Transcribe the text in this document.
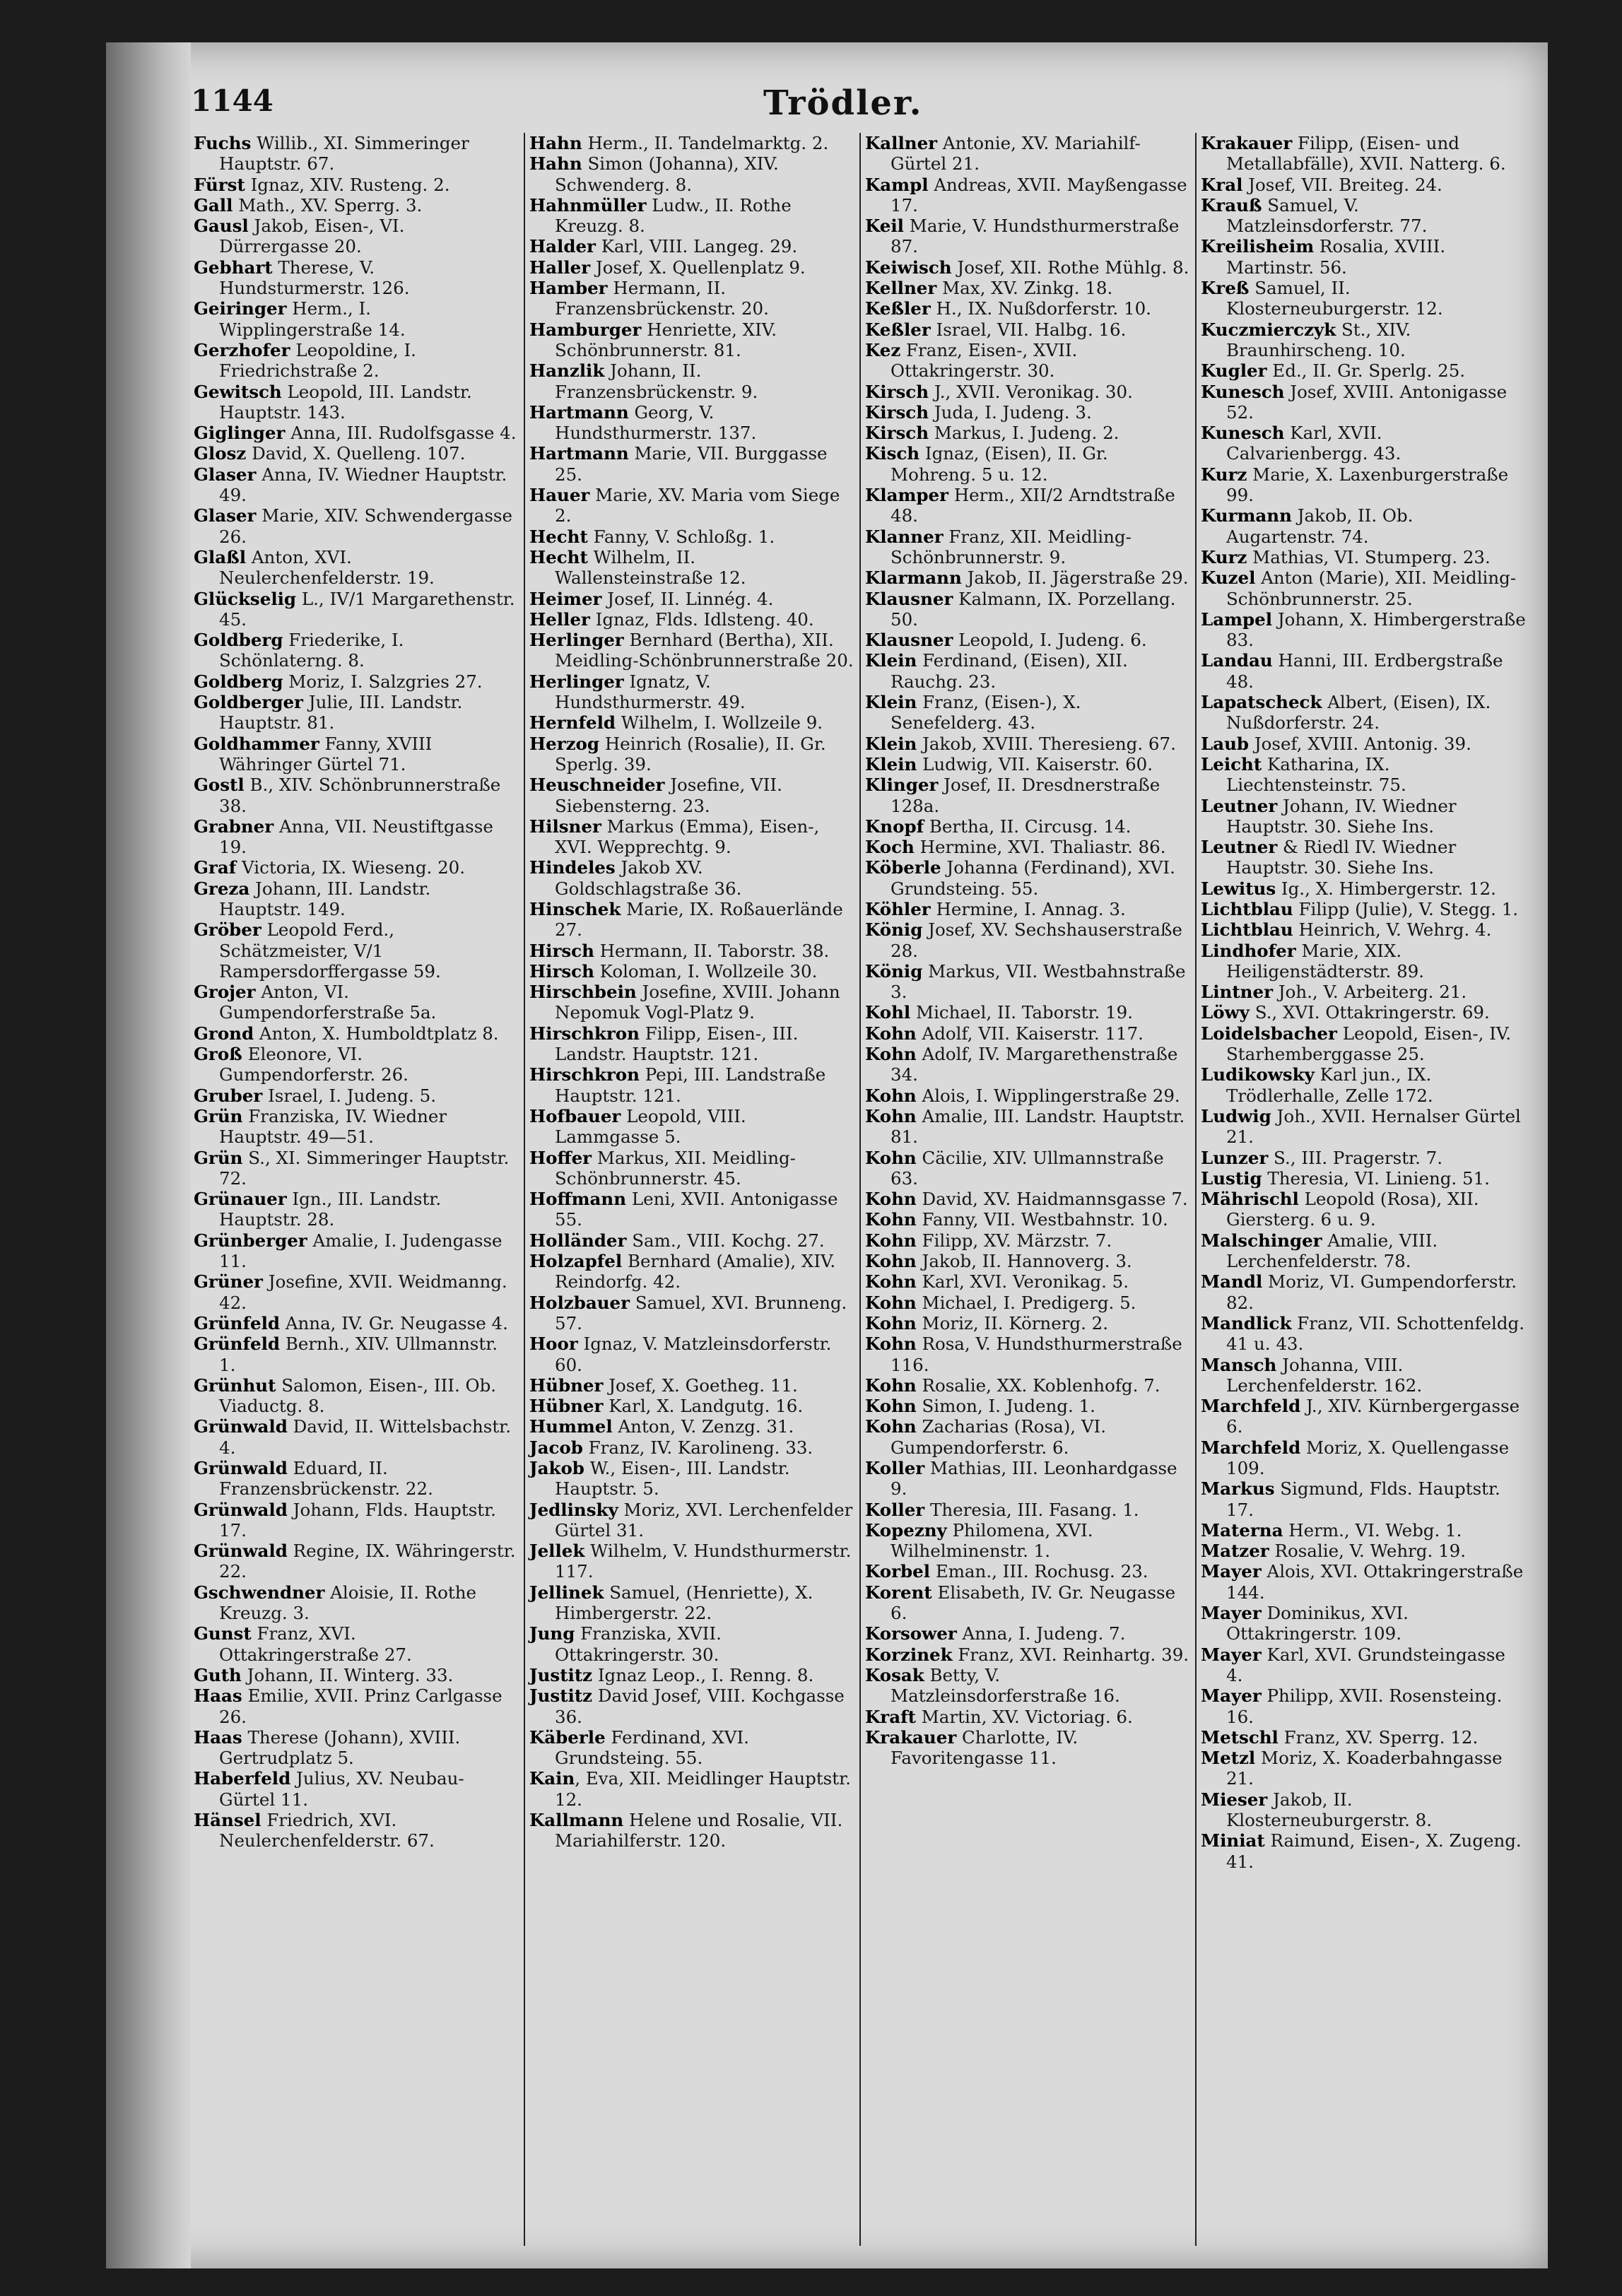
1144	Trödler.
Fuchs Willib., XI. Simmeringer Hauptstr. 67.
Fürst Ignaz, XIV. Rusteng. 2.
Gall Math., XV. Sperrg. 3.
Gausl Jakob, Eisen-, VI. Dürrergasse 20.
Gebhart Therese, V. Hundsturmerstr. 126.
Geiringer Herm., I. Wipplingerstraße 14.
Gerzhofer Leopoldine, I. Friedrichstraße 2.
Gewitsch Leopold, III. Landstr. Hauptstr. 143.
Giglinger Anna, III. Rudolfsgasse 4.
Glosz David, X. Quelleng. 107.
Glaser Anna, IV. Wiedner Hauptstr. 49.
Glaser Marie, XIV. Schwendergasse 26.
Glaßl Anton, XVI. Neulerchenfelderstr. 19.
Glückselig L., IV/1 Margarethenstr. 45.
Goldberg Friederike, I. Schönlaterng. 8.
Goldberg Moriz, I. Salzgries 27.
Goldberger Julie, III. Landstr. Hauptstr. 81.
Goldhammer Fanny, XVIII Währinger Gürtel 71.
Gostl B., XIV. Schönbrunnerstraße 38.
Grabner Anna, VII. Neustiftgasse 19.
Graf Victoria, IX. Wieseng. 20.
Greza Johann, III. Landstr. Hauptstr. 149.
Gröber Leopold Ferd., Schätzmeister, V/1 Rampersdorffergasse 59.
Grojer Anton, VI. Gumpendorferstraße 5a.
Grond Anton, X. Humboldtplatz 8.
Groß Eleonore, VI. Gumpendorferstr. 26.
Gruber Israel, I. Judeng. 5.
Grün Franziska, IV. Wiedner Hauptstr. 49—51.
Grün S., XI. Simmeringer Hauptstr. 72.
Grünauer Ign., III. Landstr. Hauptstr. 28.
Grünberger Amalie, I. Judengasse 11.
Grüner Josefine, XVII. Weidmanng. 42.
Grünfeld Anna, IV. Gr. Neugasse 4.
Grünfeld Bernh., XIV. Ullmannstr. 1.
Grünhut Salomon, Eisen-, III. Ob. Viaductg. 8.
Grünwald David, II. Wittelsbachstr. 4.
Grünwald Eduard, II. Franzensbrückenstr. 22.
Grünwald Johann, Flds. Hauptstr. 17.
Grünwald Regine, IX. Währingerstr. 22.
Gschwendner Aloisie, II. Rothe Kreuzg. 3.
Gunst Franz, XVI. Ottakringerstraße 27.
Guth Johann, II. Winterg. 33.
Haas Emilie, XVII. Prinz Carlgasse 26.
Haas Therese (Johann), XVIII. Gertrudplatz 5.
Haberfeld Julius, XV. Neubau-Gürtel 11.
Hänsel Friedrich, XVI. Neulerchenfelderstr. 67.
Hahn Herm., II. Tandelmarktg. 2.
Hahn Simon (Johanna), XIV. Schwenderg. 8.
Hahnmüller Ludw., II. Rothe Kreuzg. 8.
Halder Karl, VIII. Langeg. 29.
Haller Josef, X. Quellenplatz 9.
Hamber Hermann, II. Franzensbrückenstr. 20.
Hamburger Henriette, XIV. Schönbrunnerstr. 81.
Hanzlik Johann, II. Franzensbrückenstr. 9.
Hartmann Georg, V. Hundsthurmerstr. 137.
Hartmann Marie, VII. Burggasse 25.
Hauer Marie, XV. Maria vom Siege 2.
Hecht Fanny, V. Schloßg. 1.
Hecht Wilhelm, II. Wallensteinstraße 12.
Heimer Josef, II. Linnég. 4.
Heller Ignaz, Flds. Idlsteng. 40.
Herlinger Bernhard (Bertha), XII. Meidling-Schönbrunnerstraße 20.
Herlinger Ignatz, V. Hundsthurmerstr. 49.
Hernfeld Wilhelm, I. Wollzeile 9.
Herzog Heinrich (Rosalie), II. Gr. Sperlg. 39.
Heuschneider Josefine, VII. Siebensterng. 23.
Hilsner Markus (Emma), Eisen-, XVI. Wepprechtg. 9.
Hindeles Jakob XV. Goldschlagstraße 36.
Hinschek Marie, IX. Roßauerlände 27.
Hirsch Hermann, II. Taborstr. 38.
Hirsch Koloman, I. Wollzeile 30.
Hirschbein Josefine, XVIII. Johann Nepomuk Vogl-Platz 9.
Hirschkron Filipp, Eisen-, III. Landstr. Hauptstr. 121.
Hirschkron Pepi, III. Landstraße Hauptstr. 121.
Hofbauer Leopold, VIII. Lammgasse 5.
Hoffer Markus, XII. Meidling-Schönbrunnerstr. 45.
Hoffmann Leni, XVII. Antonigasse 55.
Holländer Sam., VIII. Kochg. 27.
Holzapfel Bernhard (Amalie), XIV. Reindorfg. 42.
Holzbauer Samuel, XVI. Brunneng. 57.
Hoor Ignaz, V. Matzleinsdorferstr. 60.
Hübner Josef, X. Goetheg. 11.
Hübner Karl, X. Landgutg. 16.
Hummel Anton, V. Zenzg. 31.
Jacob Franz, IV. Karolineng. 33.
Jakob W., Eisen-, III. Landstr. Hauptstr. 5.
Jedlinsky Moriz, XVI. Lerchenfelder Gürtel 31.
Jellek Wilhelm, V. Hundsthurmerstr. 117.
Jellinek Samuel, (Henriette), X. Himbergerstr. 22.
Jung Franziska, XVII. Ottakringerstr. 30.
Justitz Ignaz Leop., I. Renng. 8.
Justitz David Josef, VIII. Kochgasse 36.
Käberle Ferdinand, XVI. Grundsteing. 55.
Kain, Eva, XII. Meidlinger Hauptstr. 12.
Kallmann Helene und Rosalie, VII. Mariahilferstr. 120.
Kallner Antonie, XV. Mariahilf-Gürtel 21.
Kampl Andreas, XVII. Mayßengasse 17.
Keil Marie, V. Hundsthurmerstraße 87.
Keiwisch Josef, XII. Rothe Mühlg. 8.
Kellner Max, XV. Zinkg. 18.
Keßler H., IX. Nußdorferstr. 10.
Keßler Israel, VII. Halbg. 16.
Kez Franz, Eisen-, XVII. Ottakringerstr. 30.
Kirsch J., XVII. Veronikag. 30.
Kirsch Juda, I. Judeng. 3.
Kirsch Markus, I. Judeng. 2.
Kisch Ignaz, (Eisen), II. Gr. Mohreng. 5 u. 12.
Klamper Herm., XII/2 Arndtstraße 48.
Klanner Franz, XII. Meidling-Schönbrunnerstr. 9.
Klarmann Jakob, II. Jägerstraße 29.
Klausner Kalmann, IX. Porzellang. 50.
Klausner Leopold, I. Judeng. 6.
Klein Ferdinand, (Eisen), XII. Rauchg. 23.
Klein Franz, (Eisen-), X. Senefelderg. 43.
Klein Jakob, XVIII. Theresieng. 67.
Klein Ludwig, VII. Kaiserstr. 60.
Klinger Josef, II. Dresdnerstraße 128a.
Knopf Bertha, II. Circusg. 14.
Koch Hermine, XVI. Thaliastr. 86.
Köberle Johanna (Ferdinand), XVI. Grundsteing. 55.
Köhler Hermine, I. Annag. 3.
König Josef, XV. Sechshauserstraße 28.
König Markus, VII. Westbahnstraße 3.
Kohl Michael, II. Taborstr. 19.
Kohn Adolf, VII. Kaiserstr. 117.
Kohn Adolf, IV. Margarethenstraße 34.
Kohn Alois, I. Wipplingerstraße 29.
Kohn Amalie, III. Landstr. Hauptstr. 81.
Kohn Cäcilie, XIV. Ullmannstraße 63.
Kohn David, XV. Haidmannsgasse 7.
Kohn Fanny, VII. Westbahnstr. 10.
Kohn Filipp, XV. Märzstr. 7.
Kohn Jakob, II. Hannoverg. 3.
Kohn Karl, XVI. Veronikag. 5.
Kohn Michael, I. Predigerg. 5.
Kohn Moriz, II. Körnerg. 2.
Kohn Rosa, V. Hundsthurmerstraße 116.
Kohn Rosalie, XX. Koblenhofg. 7.
Kohn Simon, I. Judeng. 1.
Kohn Zacharias (Rosa), VI. Gumpendorferstr. 6.
Koller Mathias, III. Leonhardgasse 9.
Koller Theresia, III. Fasang. 1.
Kopezny Philomena, XVI. Wilhelminenstr. 1.
Korbel Eman., III. Rochusg. 23.
Korent Elisabeth, IV. Gr. Neugasse 6.
Korsower Anna, I. Judeng. 7.
Korzinek Franz, XVI. Reinhartg. 39.
Kosak Betty, V. Matzleinsdorferstraße 16.
Kraft Martin, XV. Victoriag. 6.
Krakauer Charlotte, IV. Favoritengasse 11.
Krakauer Filipp, (Eisen- und Metallabfälle), XVII. Natterg. 6.
Kral Josef, VII. Breiteg. 24.
Krauß Samuel, V. Matzleinsdorferstr. 77.
Kreilisheim Rosalia, XVIII. Martinstr. 56.
Kreß Samuel, II. Klosterneuburgerstr. 12.
Kuczmierczyk St., XIV. Braunhirscheng. 10.
Kugler Ed., II. Gr. Sperlg. 25.
Kunesch Josef, XVIII. Antonigasse 52.
Kunesch Karl, XVII. Calvarienbergg. 43.
Kurz Marie, X. Laxenburgerstraße 99.
Kurmann Jakob, II. Ob. Augartenstr. 74.
Kurz Mathias, VI. Stumperg. 23.
Kuzel Anton (Marie), XII. Meidling-Schönbrunnerstr. 25.
Lampel Johann, X. Himbergerstraße 83.
Landau Hanni, III. Erdbergstraße 48.
Lapatscheck Albert, (Eisen), IX. Nußdorferstr. 24.
Laub Josef, XVIII. Antonig. 39.
Leicht Katharina, IX. Liechtensteinstr. 75.
Leutner Johann, IV. Wiedner Hauptstr. 30. Siehe Ins.
Leutner & Riedl IV. Wiedner Hauptstr. 30. Siehe Ins.
Lewitus Ig., X. Himbergerstr. 12.
Lichtblau Filipp (Julie), V. Stegg. 1.
Lichtblau Heinrich, V. Wehrg. 4.
Lindhofer Marie, XIX. Heiligenstädterstr. 89.
Lintner Joh., V. Arbeiterg. 21.
Löwy S., XVI. Ottakringerstr. 69.
Loidelsbacher Leopold, Eisen-, IV. Starhemberggasse 25.
Ludikowsky Karl jun., IX. Trödlerhalle, Zelle 172.
Ludwig Joh., XVII. Hernalser Gürtel 21.
Lunzer S., III. Pragerstr. 7.
Lustig Theresia, VI. Linieng. 51.
Mährischl Leopold (Rosa), XII. Giersterg. 6 u. 9.
Malschinger Amalie, VIII. Lerchenfelderstr. 78.
Mandl Moriz, VI. Gumpendorferstr. 82.
Mandlick Franz, VII. Schottenfeldg. 41 u. 43.
Mansch Johanna, VIII. Lerchenfelderstr. 162.
Marchfeld J., XIV. Kürnbergergasse 6.
Marchfeld Moriz, X. Quellengasse 109.
Markus Sigmund, Flds. Hauptstr. 17.
Materna Herm., VI. Webg. 1.
Matzer Rosalie, V. Wehrg. 19.
Mayer Alois, XVI. Ottakringerstraße 144.
Mayer Dominikus, XVI. Ottakringerstr. 109.
Mayer Karl, XVI. Grundsteingasse 4.
Mayer Philipp, XVII. Rosensteing. 16.
Metschl Franz, XV. Sperrg. 12.
Metzl Moriz, X. Koaderbahngasse 21.
Mieser Jakob, II. Klosterneuburgerstr. 8.
Miniat Raimund, Eisen-, X. Zugeng. 41.
